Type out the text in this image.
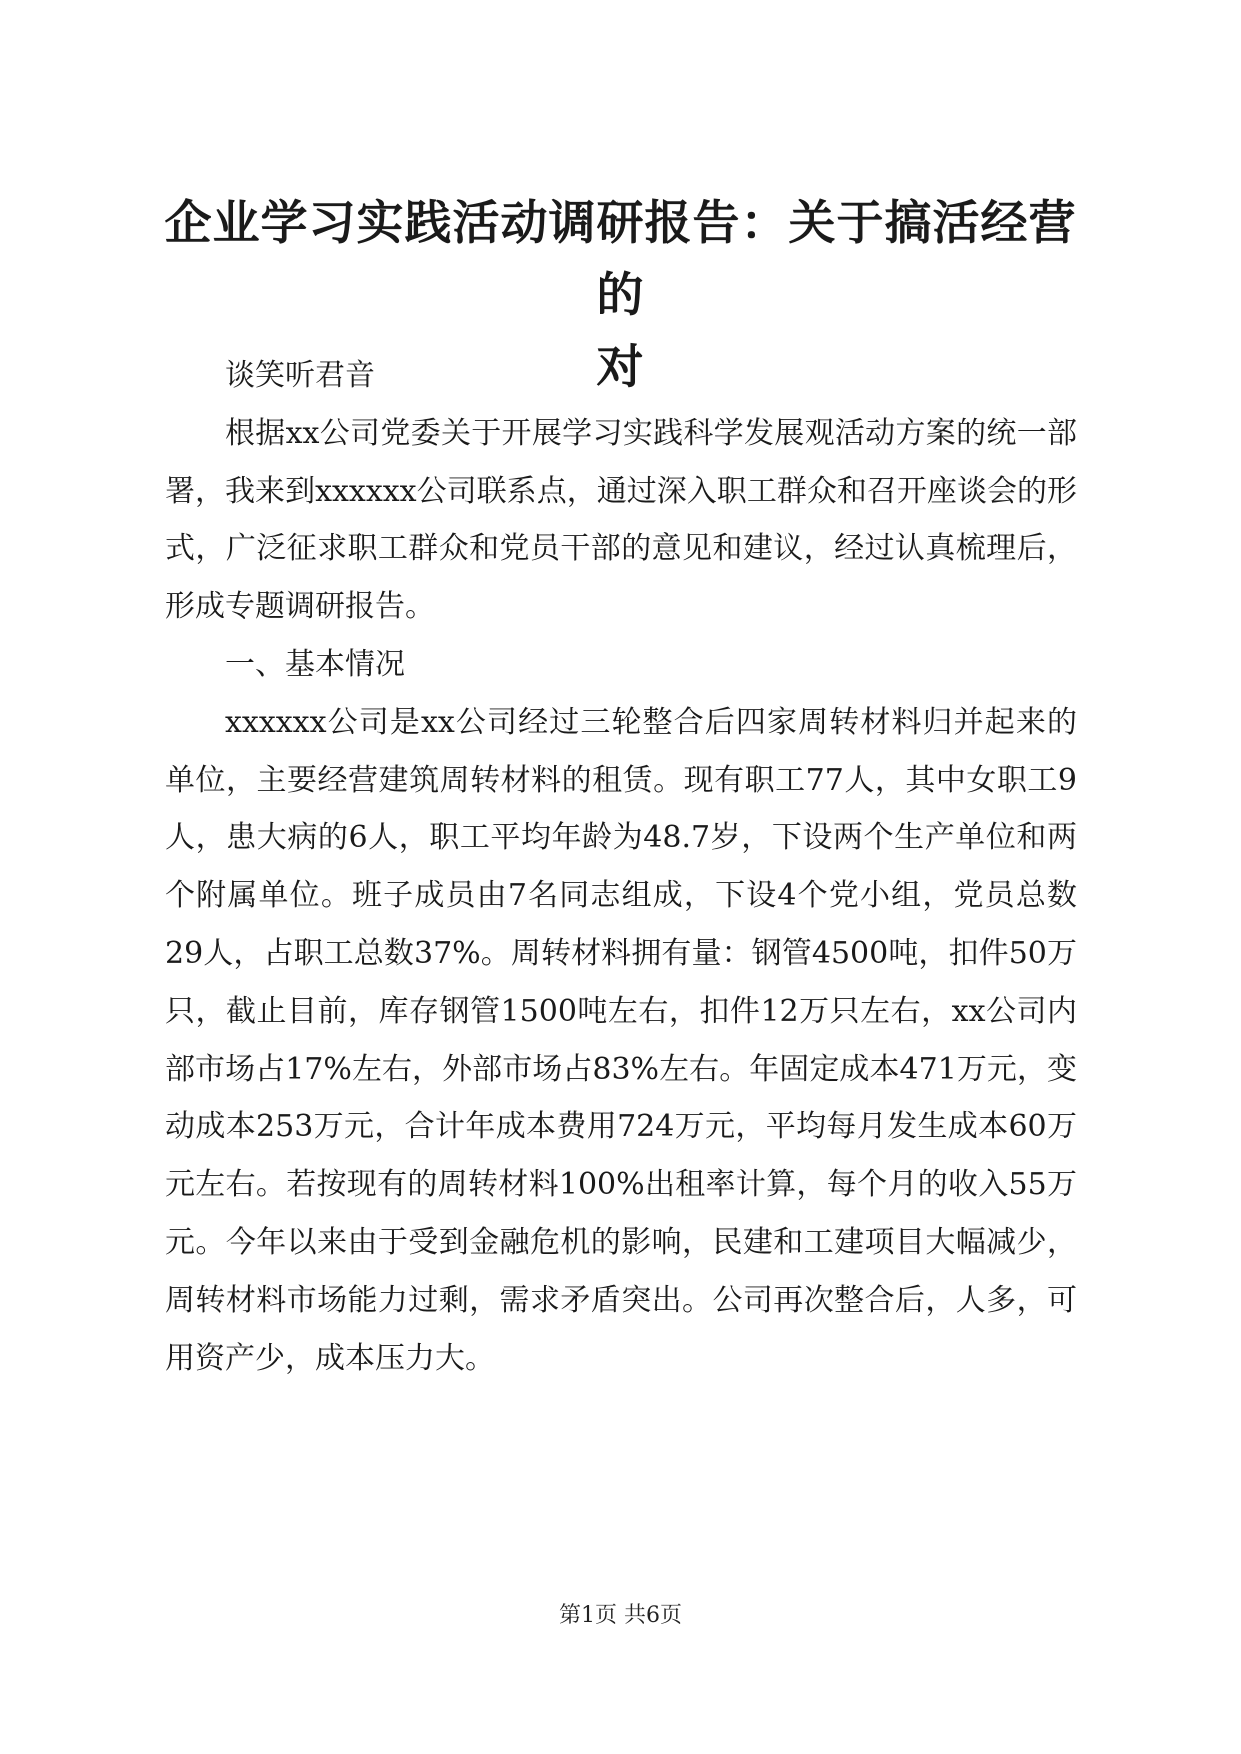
企业学习实践活动调研报告：关于搞活经营的
对

谈笑听君音

根据xx公司党委关于开展学习实践科学发展观活动方案的统一部署，我来到xxxxxx公司联系点，通过深入职工群众和召开座谈会的形式，广泛征求职工群众和党员干部的意见和建议，经过认真梳理后，形成专题调研报告。

一、基本情况

xxxxxx公司是xx公司经过三轮整合后四家周转材料归并起来的单位，主要经营建筑周转材料的租赁。现有职工77人，其中女职工9人，患大病的6人，职工平均年龄为48.7岁，下设两个生产单位和两个附属单位。班子成员由7名同志组成，下设4个党小组，党员总数29人，占职工总数37%。周转材料拥有量：钢管4500吨，扣件50万只，截止目前，库存钢管1500吨左右，扣件12万只左右，xx公司内部市场占17%左右，外部市场占83%左右。年固定成本471万元，变动成本253万元，合计年成本费用724万元，平均每月发生成本60万元左右。若按现有的周转材料100%出租率计算，每个月的收入55万元。今年以来由于受到金融危机的影响，民建和工建项目大幅减少，周转材料市场能力过剩，需求矛盾突出。公司再次整合后，人多，可用资产少，成本压力大。

第1页 共6页
